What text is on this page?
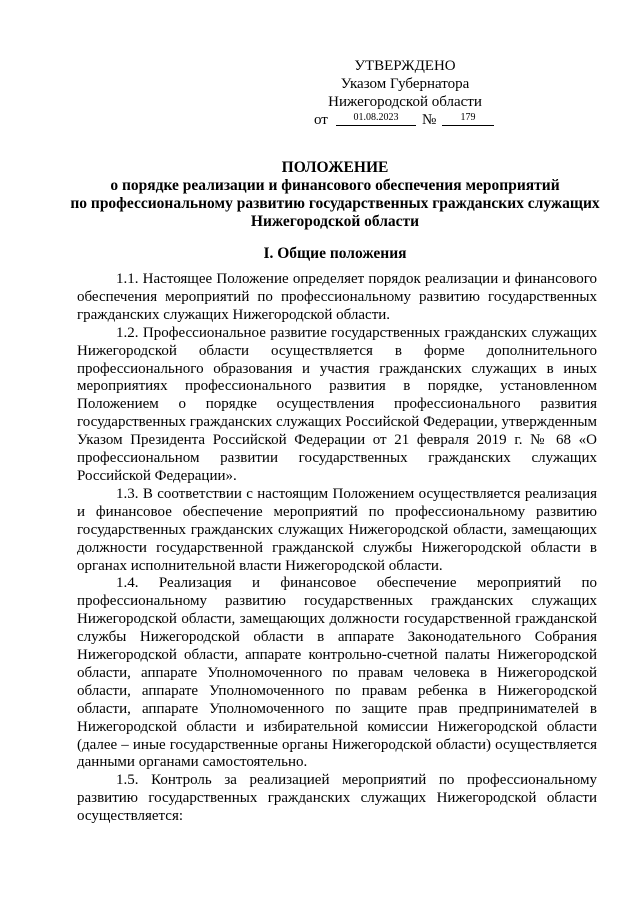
УТВЕРЖДЕНО
Указом Губернатора
Нижегородской области
от	01.08.2023	№	179
ПОЛОЖЕНИЕ
о порядке реализации и финансового обеспечения мероприятий
по профессиональному развитию государственных гражданских служащих
Нижегородской области
I. Общие положения

1.1. Настоящее Положение определяет порядок реализации и финансового обеспечения мероприятий по профессиональному развитию государственных гражданских служащих Нижегородской области.

1.2. Профессиональное развитие государственных гражданских служащих Нижегородской области осуществляется в форме дополнительного профессионального образования и участия гражданских служащих в иных мероприятиях профессионального развития в порядке, установленном Положением о порядке осуществления профессионального развития государственных гражданских служащих Российской Федерации, утвержденным Указом Президента Российской Федерации от 21 февраля 2019 г. № 68 «О профессиональном развитии государственных гражданских служащих Российской Федерации».

1.3. В соответствии с настоящим Положением осуществляется реализация и финансовое обеспечение мероприятий по профессиональному развитию государственных гражданских служащих Нижегородской области, замещающих должности государственной гражданской службы Нижегородской области в органах исполнительной власти Нижегородской области.

1.4. Реализация и финансовое обеспечение мероприятий по профессиональному развитию государственных гражданских служащих Нижегородской области, замещающих должности государственной гражданской службы Нижегородской области в аппарате Законодательного Собрания Нижегородской области, аппарате контрольно-счетной палаты Нижегородской области, аппарате Уполномоченного по правам человека в Нижегородской области, аппарате Уполномоченного по правам ребенка в Нижегородской области, аппарате Уполномоченного по защите прав предпринимателей в Нижегородской области и избирательной комиссии Нижегородской области (далее – иные государственные органы Нижегородской области) осуществляется данными органами самостоятельно.

1.5. Контроль за реализацией мероприятий по профессиональному развитию государственных гражданских служащих Нижегородской области осуществляется:
